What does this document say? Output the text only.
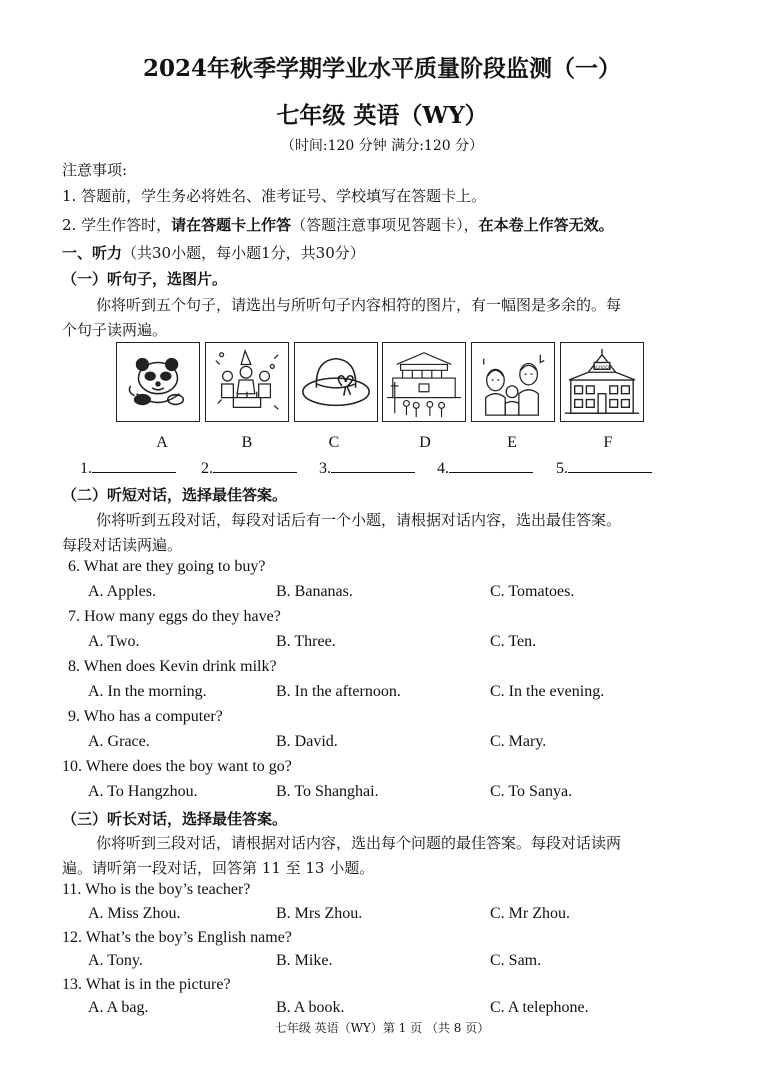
2024年秋季学期学业水平质量阶段监测（一）
七年级 英语（WY）
（时间:120 分钟 满分:120 分）
注意事项:
1. 答题前，学生务必将姓名、准考证号、学校填写在答题卡上。
2. 学生作答时，请在答题卡上作答（答题注意事项见答题卡），在本卷上作答无效。
一、听力（共30小题，每小题1分，共30分）
（一）听句子，选图片。
你将听到五个句子，请选出与所听句子内容相符的图片，有一幅图是多余的。每
个句子读两遍。
SCHOOL
A	B	C	D	E	F
1.	2.	3.	4.	5.
（二）听短对话，选择最佳答案。
你将听到五段对话，每段对话后有一个小题，请根据对话内容，选出最佳答案。
每段对话读两遍。
6. What are they going to buy?
A. Apples.	B. Bananas.	C. Tomatoes.
7. How many eggs do they have?
A. Two.	B. Three.	C. Ten.
8. When does Kevin drink milk?
A. In the morning.	B. In the afternoon.	C. In the evening.
9. Who has a computer?
A. Grace.	B. David.	C. Mary.
10. Where does the boy want to go?
A. To Hangzhou.	B. To Shanghai.	C. To Sanya.
（三）听长对话，选择最佳答案。
你将听到三段对话，请根据对话内容，选出每个问题的最佳答案。每段对话读两
遍。请听第一段对话，回答第 11 至 13 小题。
11. Who is the boy’s teacher?
A. Miss Zhou.	B. Mrs Zhou.	C. Mr Zhou.
12. What’s the boy’s English name?
A. Tony.	B. Mike.	C. Sam.
13. What is in the picture?
A. A bag.	B. A book.	C. A telephone.
七年级 英语（WY）第 1 页 （共 8 页）
